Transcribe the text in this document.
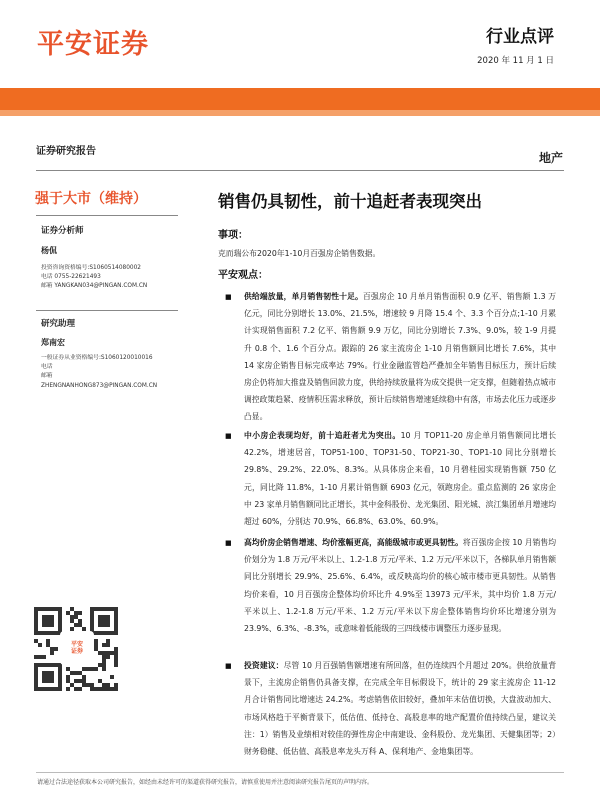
平安证券	行业点评
2020 年 11 月 1 日
证券研究报告	地产
强于大市（维持）
证券分析师
杨侃
投资咨询资格编号:S1060514080002
电话 0755-22621493
邮箱 YANGKAN034@PINGAN.COM.CN
研究助理
郑南宏
一般证券从业资格编号:S1060120010016
电话
邮箱
ZHENGNANHONG873@PINGAN.COM.CN
平安
证券
销售仍具韧性，前十追赶者表现突出
事项：
克而瑞公布2020年1-10月百强房企销售数据。
平安观点：
■ 供给端放量，单月销售韧性十足。百强房企 10 月单月销售面积 0.9 亿平、销售额 1.3 万亿元，同比分别增长 13.0%、21.5%，增速较 9 月降 15.4 个、3.3 个百分点;1-10 月累计实现销售面积 7.2 亿平、销售额 9.9 万亿，同比分别增长 7.3%、9.0%，较 1-9 月提升 0.8 个、1.6 个百分点。跟踪的 26 家主流房企 1-10 月销售额同比增长 7.6%，其中 14 家房企销售目标完成率达 79%。行业金融监管趋严叠加全年销售目标压力，预计后续房企仍将加大推盘及销售回款力度，供给持续放量将为成交提供一定支撑，但随着热点城市调控政策趋紧、疫情积压需求释放，预计后续销售增速延续稳中有落，市场去化压力或逐步凸显。
■ 中小房企表现均好，前十追赶者尤为突出。10 月 TOP11-20 房企单月销售额同比增长 42.2%，增速居首，TOP51-100、TOP31-50、TOP21-30、TOP1-10 同比分别增长 29.8%、29.2%、22.0%、8.3%。从具体房企来看，10 月碧桂园实现销售额 750 亿元，同比降 11.8%，1-10 月累计销售额 6903 亿元，领跑房企。重点监测的 26 家房企中 23 家单月销售额同比正增长，其中金科股份、龙光集团、阳光城、滨江集团单月增速均超过 60%，分别达 70.9%、66.8%、63.0%、60.9%。
■ 高均价房企销售增速、均价涨幅更高，高能级城市或更具韧性。将百强房企按 10 月销售均价划分为 1.8 万元/平米以上、1.2-1.8 万元/平米、1.2 万元/平米以下，各梯队单月销售额同比分别增长 29.9%、25.6%、6.4%，或反映高均价的核心城市楼市更具韧性。从销售均价来看，10 月百强房企整体均价环比升 4.9%至 13973 元/平米，其中均价 1.8 万元/平米以上、1.2-1.8 万元/平米、1.2 万元/平米以下房企整体销售均价环比增速分别为 23.9%、6.3%、-8.3%，或意味着低能级的三四线楼市调整压力逐步显现。
■ 投资建议：尽管 10 月百强销售额增速有所回落，但仍连续四个月超过 20%。供给放量背景下，主流房企销售仍具备支撑，在完成全年目标假设下，统计的 29 家主流房企 11-12 月合计销售同比增速达 24.2%。考虑销售依旧较好，叠加年末估值切换，大盘波动加大、市场风格趋于平衡背景下，低估值、低持仓、高股息率的地产配置价值持续凸显，建议关注：1）销售及业绩相对较佳的弹性房企中南建设、金科股份、龙光集团、天健集团等；2）财务稳健、低估值、高股息率龙头万科 A、保利地产、金地集团等。
请通过合法途径获取本公司研究报告，如经由未经许可的渠道获得研究报告，请慎重使用并注意阅读研究报告尾页的声明内容。
